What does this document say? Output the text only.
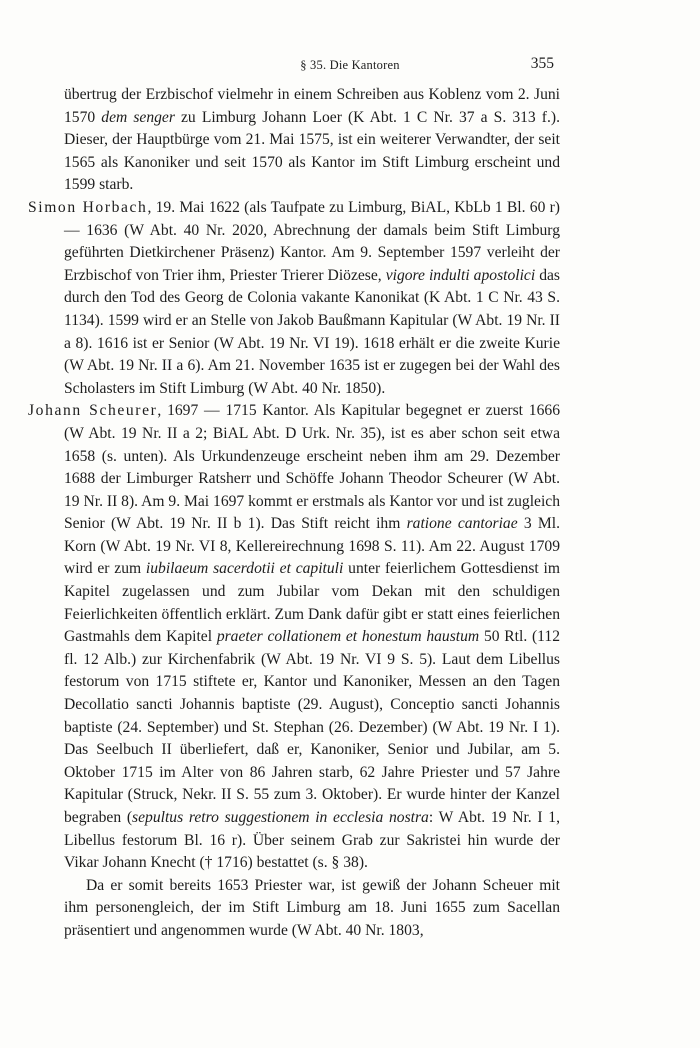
§ 35. Die Kantoren	355

übertrug der Erzbischof vielmehr in einem Schreiben aus Koblenz vom 2. Juni 1570 dem senger zu Limburg Johann Loer (K Abt. 1 C Nr. 37 a S. 313 f.). Dieser, der Hauptbürge vom 21. Mai 1575, ist ein weiterer Verwandter, der seit 1565 als Kanoniker und seit 1570 als Kantor im Stift Limburg erscheint und 1599 starb.

Simon Horbach, 19. Mai 1622 (als Taufpate zu Limburg, BiAL, KbLb 1 Bl. 60 r) — 1636 (W Abt. 40 Nr. 2020, Abrechnung der damals beim Stift Limburg geführten Dietkirchener Präsenz) Kantor. Am 9. September 1597 verleiht der Erzbischof von Trier ihm, Priester Trierer Diözese, vigore indulti apostolici das durch den Tod des Georg de Colonia vakante Kanonikat (K Abt. 1 C Nr. 43 S. 1134). 1599 wird er an Stelle von Jakob Baußmann Kapitular (W Abt. 19 Nr. II a 8). 1616 ist er Senior (W Abt. 19 Nr. VI 19). 1618 erhält er die zweite Kurie (W Abt. 19 Nr. II a 6). Am 21. November 1635 ist er zugegen bei der Wahl des Scholasters im Stift Limburg (W Abt. 40 Nr. 1850).

Johann Scheurer, 1697 — 1715 Kantor. Als Kapitular begegnet er zuerst 1666 (W Abt. 19 Nr. II a 2; BiAL Abt. D Urk. Nr. 35), ist es aber schon seit etwa 1658 (s. unten). Als Urkundenzeuge erscheint neben ihm am 29. Dezember 1688 der Limburger Ratsherr und Schöffe Johann Theodor Scheurer (W Abt. 19 Nr. II 8). Am 9. Mai 1697 kommt er erstmals als Kantor vor und ist zugleich Senior (W Abt. 19 Nr. II b 1). Das Stift reicht ihm ratione cantoriae 3 Ml. Korn (W Abt. 19 Nr. VI 8, Kellereirechnung 1698 S. 11). Am 22. August 1709 wird er zum iubilaeum sacerdotii et capituli unter feierlichem Gottesdienst im Kapitel zugelassen und zum Jubilar vom Dekan mit den schuldigen Feierlichkeiten öffentlich erklärt. Zum Dank dafür gibt er statt eines feierlichen Gastmahls dem Kapitel praeter collationem et honestum haustum 50 Rtl. (112 fl. 12 Alb.) zur Kirchenfabrik (W Abt. 19 Nr. VI 9 S. 5). Laut dem Libellus festorum von 1715 stiftete er, Kantor und Kanoniker, Messen an den Tagen Decollatio sancti Johannis baptiste (29. August), Conceptio sancti Johannis baptiste (24. September) und St. Stephan (26. Dezember) (W Abt. 19 Nr. I 1). Das Seelbuch II überliefert, daß er, Kanoniker, Senior und Jubilar, am 5. Oktober 1715 im Alter von 86 Jahren starb, 62 Jahre Priester und 57 Jahre Kapitular (Struck, Nekr. II S. 55 zum 3. Oktober). Er wurde hinter der Kanzel begraben (sepultus retro suggestionem in ecclesia nostra: W Abt. 19 Nr. I 1, Libellus festorum Bl. 16 r). Über seinem Grab zur Sakristei hin wurde der Vikar Johann Knecht († 1716) bestattet (s. § 38).

Da er somit bereits 1653 Priester war, ist gewiß der Johann Scheuer mit ihm personengleich, der im Stift Limburg am 18. Juni 1655 zum Sacellan präsentiert und angenommen wurde (W Abt. 40 Nr. 1803,
